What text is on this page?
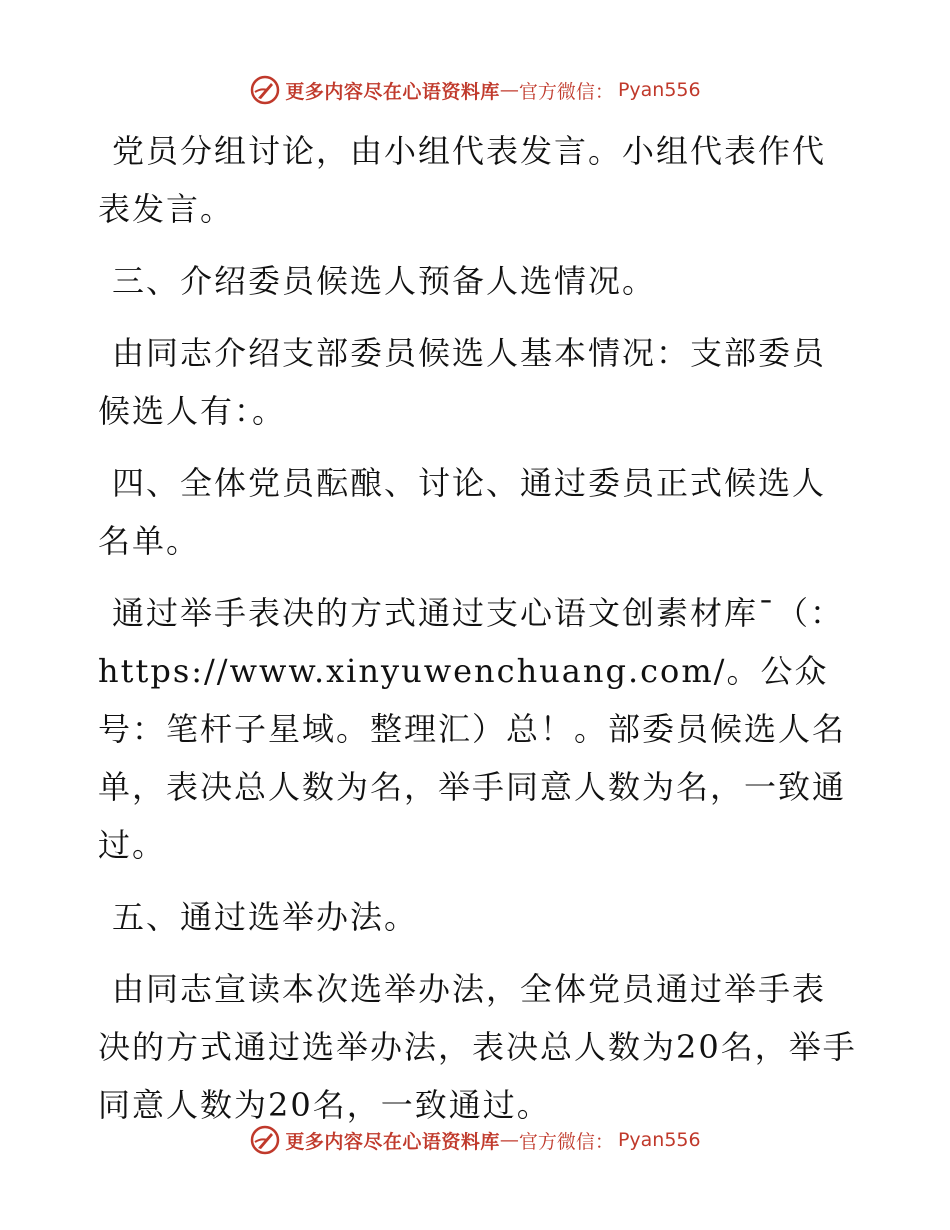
更多内容尽在心语资料库 — 官方微信： Pyan556

党员分组讨论，由小组代表发言。小组代表作代表发言。

三、介绍委员候选人预备人选情况。

由同志介绍支部委员候选人基本情况：支部委员候选人有：。

四、全体党员酝酿、讨论、通过委员正式候选人名单。

通过举手表决的方式通过支心语文创素材库¯（：https://www.xinyuwenchuang.com/。公众号：笔杆子星域。整理汇）总！。部委员候选人名单，表决总人数为名，举手同意人数为名，一致通过。

五、通过选举办法。

由同志宣读本次选举办法，全体党员通过举手表决的方式通过选举办法，表决总人数为20名，举手同意人数为20名，一致通过。

更多内容尽在心语资料库 — 官方微信： Pyan556
